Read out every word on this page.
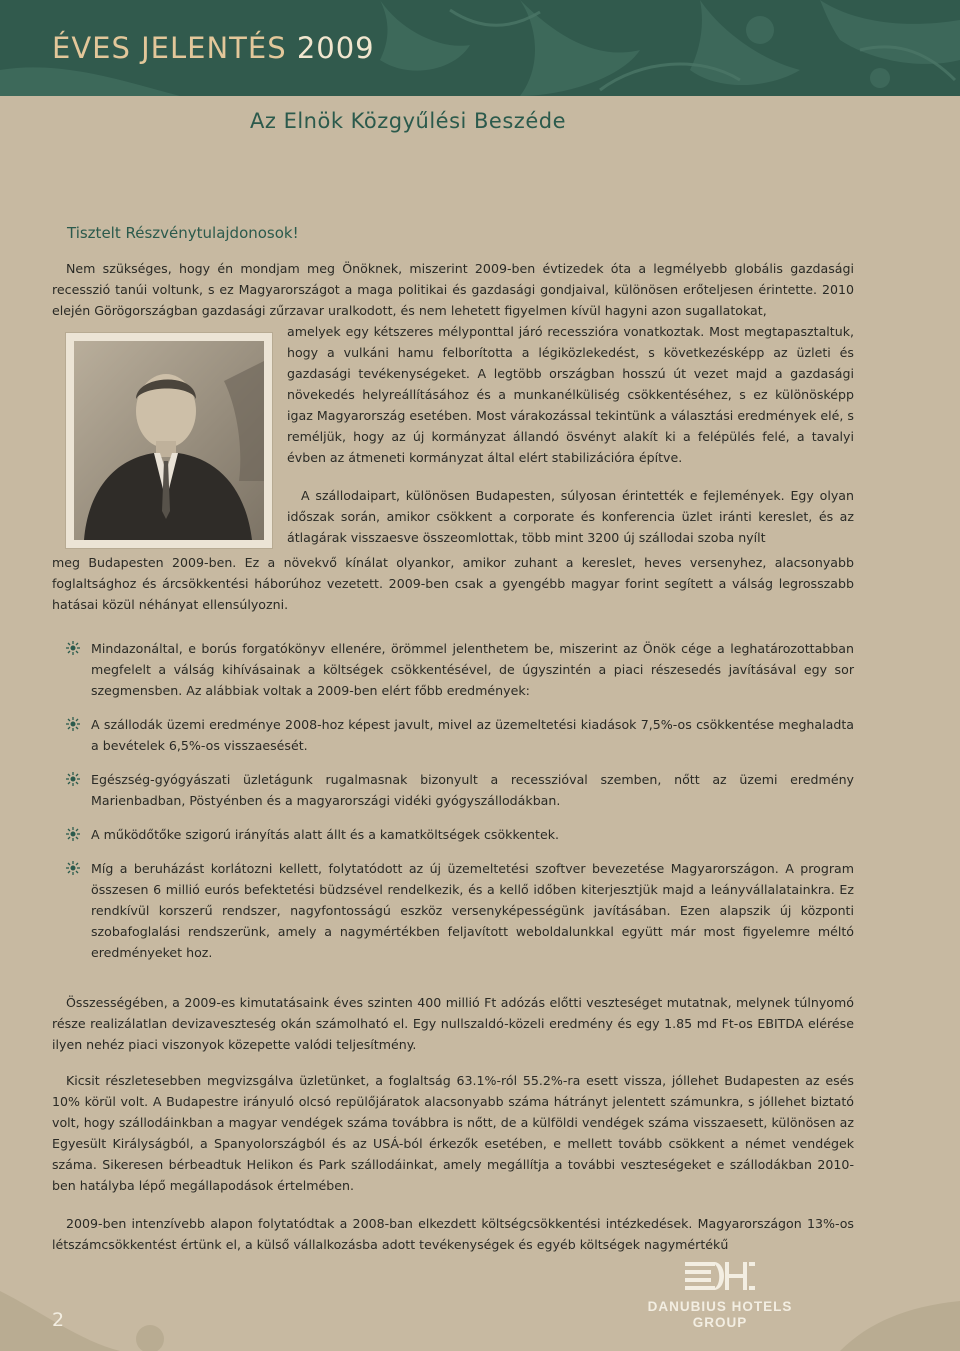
ÉVES JELENTÉS 2009
Az Elnök Közgyűlési Beszéde
Tisztelt Részvénytulajdonosok!

Nem szükséges, hogy én mondjam meg Önöknek, miszerint 2009-ben évtizedek óta a legmélyebb globális gazdasági recesszió tanúi voltunk, s ez Magyarországot a maga politikai és gazdasági gondjaival, különösen erőteljesen érintette. 2010 elején Görögországban gazdasági zűrzavar uralkodott, és nem lehetett figyelmen kívül hagyni azon sugallatokat,

amelyek egy kétszeres mélyponttal járó recesszióra vonatkoztak. Most megtapasztaltuk, hogy a vulkáni hamu felborította a légiközlekedést, s következésképp az üzleti és gazdasági tevékenységeket. A legtöbb országban hosszú út vezet majd a gazdasági növekedés helyreállításához és a munkanélküliség csökkentéséhez, s ez különösképp igaz Magyarország esetében. Most várakozással tekintünk a választási eredmények elé, s reméljük, hogy az új kormányzat állandó ösvényt alakít ki a felépülés felé, a tavalyi évben az átmeneti kormányzat által elért stabilizációra építve.

A szállodaipart, különösen Budapesten, súlyosan érintették e fejlemények. Egy olyan időszak során, amikor csökkent a corporate és konferencia üzlet iránti kereslet, és az átlagárak visszaesve összeomlottak, több mint 3200 új szállodai szoba nyílt

meg Budapesten 2009-ben. Ez a növekvő kínálat olyankor, amikor zuhant a kereslet, heves versenyhez, alacsonyabb foglaltsághoz és árcsökkentési háborúhoz vezetett. 2009-ben csak a gyengébb magyar forint segített a válság legrosszabb hatásai közül néhányat ellensúlyozni.

Mindazonáltal, e borús forgatókönyv ellenére, örömmel jelenthetem be, miszerint az Önök cége a leghatározottabban megfelelt a válság kihívásainak a költségek csökkentésével, de úgyszintén a piaci részesedés javításával egy sor szegmensben. Az alábbiak voltak a 2009-ben elért főbb eredmények:
A szállodák üzemi eredménye 2008-hoz képest javult, mivel az üzemeltetési kiadások 7,5%-os csökkentése meghaladta a bevételek 6,5%-os visszaesését.
Egészség-gyógyászati üzletágunk rugalmasnak bizonyult a recesszióval szemben, nőtt az üzemi eredmény Marienbadban, Pöstyénben és a magyarországi vidéki gyógyszállodákban.
A működőtőke szigorú irányítás alatt állt és a kamatköltségek csökkentek.
Míg a beruházást korlátozni kellett, folytatódott az új üzemeltetési szoftver bevezetése Magyarországon. A program összesen 6 millió eurós befektetési büdzsével rendelkezik, és a kellő időben kiterjesztjük majd a leányvállalatainkra. Ez rendkívül korszerű rendszer, nagyfontosságú eszköz versenyképességünk javításában. Ezen alapszik új központi szobafoglalási rendszerünk, amely a nagymértékben feljavított weboldalunkkal együtt már most figyelemre méltó eredményeket hoz.

Összességében, a 2009-es kimutatásaink éves szinten 400 millió Ft adózás előtti veszteséget mutatnak, melynek túlnyomó része realizálatlan devizaveszteség okán számolható el. Egy nullszaldó-közeli eredmény és egy 1.85 md Ft-os EBITDA elérése ilyen nehéz piaci viszonyok közepette valódi teljesítmény.

Kicsit részletesebben megvizsgálva üzletünket, a foglaltság 63.1%-ról 55.2%-ra esett vissza, jóllehet Budapesten az esés 10% körül volt. A Budapestre irányuló olcsó repülőjáratok alacsonyabb száma hátrányt jelentett számunkra, s jóllehet biztató volt, hogy szállodáinkban a magyar vendégek száma továbbra is nőtt, de a külföldi vendégek száma visszaesett, különösen az Egyesült Királyságból, a Spanyolországból és az USÁ-ból érkezők esetében, e mellett tovább csökkent a német vendégek száma. Sikeresen bérbeadtuk Helikon és Park szállodáinkat, amely megállítja a további veszteségeket e szállodákban 2010-ben hatályba lépő megállapodások értelmében.

2009-ben intenzívebb alapon folytatódtak a 2008-ban elkezdett költségcsökkentési intézkedések. Magyarországon 13%-os létszámcsökkentést értünk el, a külső vállalkozásba adott tevékenységek és egyéb költségek nagymértékű

2
DANUBIUS HOTELS
GROUP
